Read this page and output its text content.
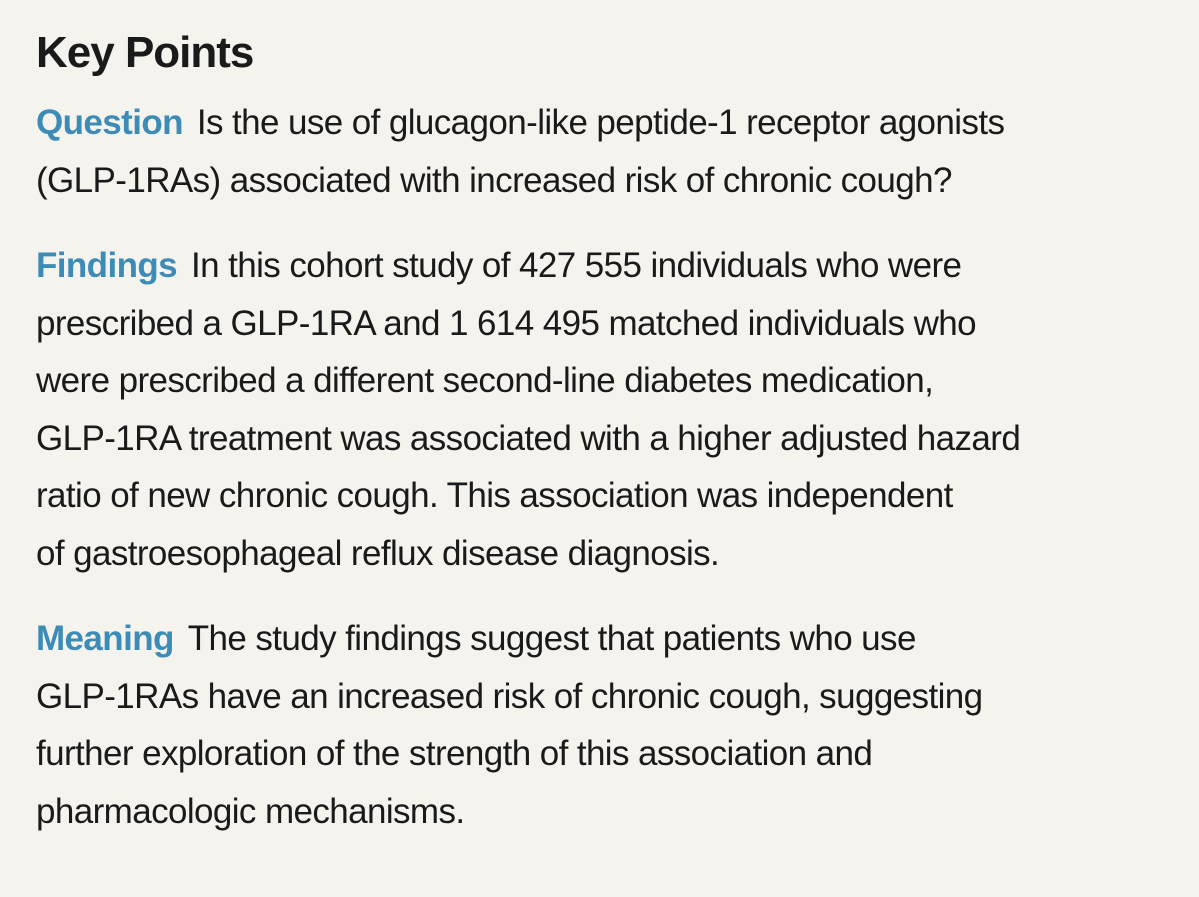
Key Points

Question Is the use of glucagon-like peptide-1 receptor agonists
(GLP-1RAs) associated with increased risk of chronic cough?

Findings In this cohort study of 427 555 individuals who were
prescribed a GLP-1RA and 1 614 495 matched individuals who
were prescribed a different second-line diabetes medication,
GLP-1RA treatment was associated with a higher adjusted hazard
ratio of new chronic cough. This association was independent
of gastroesophageal reflux disease diagnosis.

Meaning The study findings suggest that patients who use
GLP-1RAs have an increased risk of chronic cough, suggesting
further exploration of the strength of this association and
pharmacologic mechanisms.
